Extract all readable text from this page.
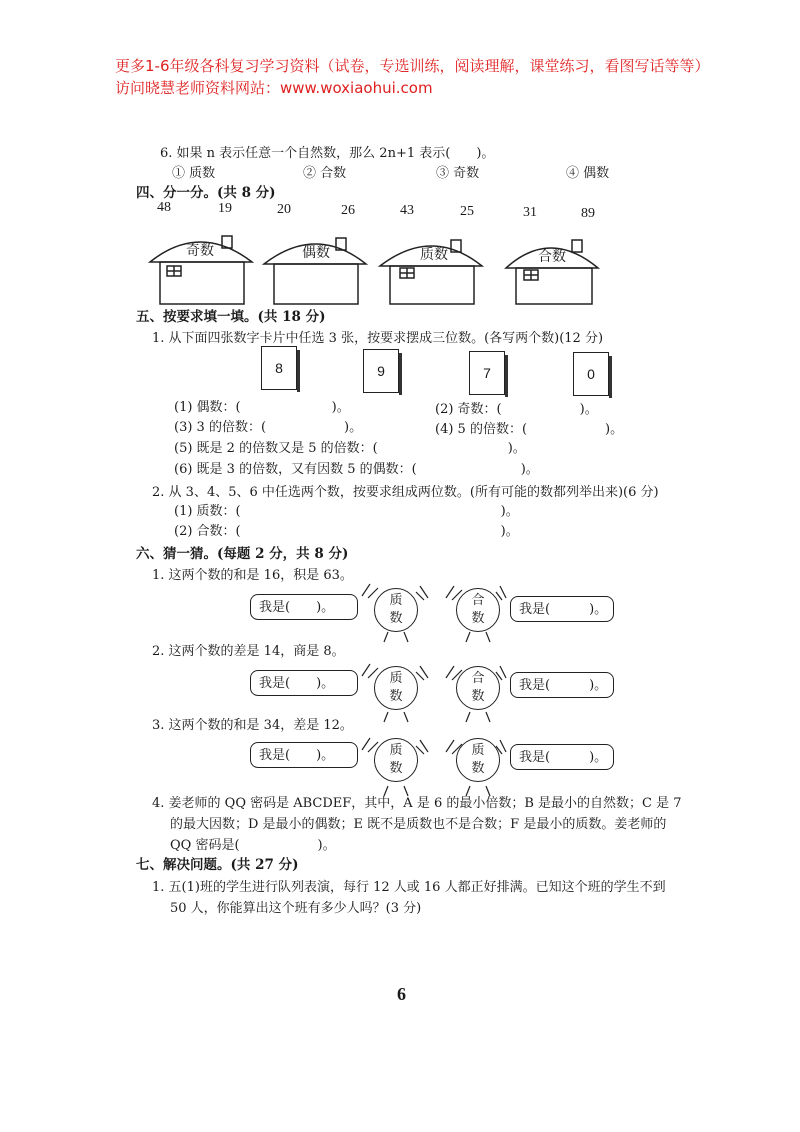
更多1-6年级各科复习学习资料（试卷，专选训练，阅读理解，课堂练习，看图写话等等）访问晓慧老师资料网站：www.woxiaohui.com
6. 如果 n 表示任意一个自然数，那么 2n+1 表示(　　)。
① 质数	② 合数	③ 奇数	④ 偶数
四、分一分。(共 8 分)
48	19	20	26	43	25	31	89
奇数	偶数	质数	合数
五、按要求填一填。(共 18 分)
1. 从下面四张数字卡片中任选 3 张，按要求摆成三位数。(各写两个数)(12 分)
8	9	7	0
(1) 偶数：(　　　　　　　)。	(2) 奇数：(　　　　　　)。
(3) 3 的倍数：(　　　　　　)。	(4) 5 的倍数：(　　　　　　)。
(5) 既是 2 的倍数又是 5 的倍数：(　　　　　　　　　　)。
(6) 既是 3 的倍数，又有因数 5 的偶数：(　　　　　　　　)。
2. 从 3、4、5、6 中任选两个数，按要求组成两位数。(所有可能的数都列举出来)(6 分)
(1) 质数：(　　　　　　　　　　　　　　　　　　　　)。
(2) 合数：(　　　　　　　　　　　　　　　　　　　　)。
六、猜一猜。(每题 2 分，共 8 分)
1. 这两个数的和是 16，积是 63。
我是(　　)。	质
数
合
数
我是(　　　)。
2. 这两个数的差是 14，商是 8。
我是(　　)。	质
数
合
数
我是(　　　)。
3. 这两个数的和是 34，差是 12。
我是(　　)。	质
数
质
数
我是(　　　)。
4. 姜老师的 QQ 密码是 ABCDEF，其中，A 是 6 的最小倍数；B 是最小的自然数；C 是 7
的最大因数；D 是最小的偶数；E 既不是质数也不是合数；F 是最小的质数。姜老师的
QQ 密码是(　　　　　　)。
七、解决问题。(共 27 分)
1. 五(1)班的学生进行队列表演，每行 12 人或 16 人都正好排满。已知这个班的学生不到
50 人，你能算出这个班有多少人吗？(3 分)
6
